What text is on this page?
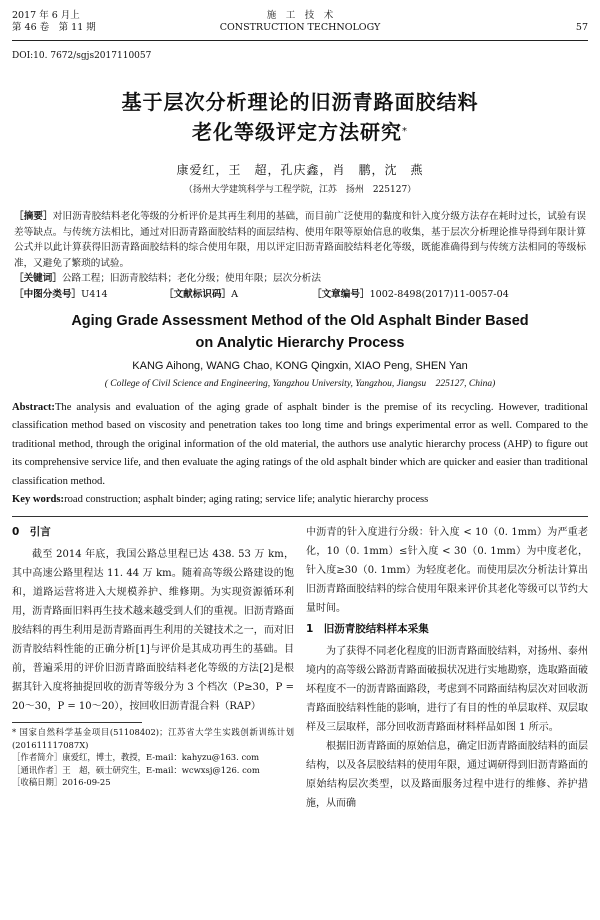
2017 年 6 月上
第 46 卷　第 11 期
施　工　技　术
CONSTRUCTION TECHNOLOGY	57
DOI:10. 7672/sgjs2017110057
基于层次分析理论的旧沥青路面胶结料
老化等级评定方法研究*
康爱红，王　超，孔庆鑫，肖　鹏，沈　燕
（扬州大学建筑科学与工程学院，江苏　扬州　225127）
［摘要］对旧沥青胶结料老化等级的分析评价是其再生利用的基础，而目前广泛使用的黏度和针入度分级方法存在耗时过长，试验有误差等缺点。与传统方法相比，通过对旧沥青路面胶结料的面层结构、使用年限等原始信息的收集，基于层次分析理论推导得到年限计算公式并以此计算获得旧沥青路面胶结料的综合使用年限，用以评定旧沥青路面胶结料老化等级，既能准确得到与传统方法相同的等级标准，又避免了繁琐的试验。
［关键词］公路工程；旧沥青胶结料；老化分级；使用年限；层次分析法
［中图分类号］U414	［文献标识码］A	［文章编号］1002-8498(2017)11-0057-04
Aging Grade Assessment Method of the Old Asphalt Binder Based
on Analytic Hierarchy Process
KANG Aihong, WANG Chao, KONG Qingxin, XIAO Peng, SHEN Yan
( College of Civil Science and Engineering, Yangzhou University, Yangzhou, Jiangsu　225127, China)
Abstract:The analysis and evaluation of the aging grade of asphalt binder is the premise of its recycling. However, traditional classification method based on viscosity and penetration takes too long time and brings experimental error as well. Compared to the traditional method, through the original information of the old material, the authors use analytic hierarchy process (AHP) to figure out its comprehensive service life, and then evaluate the aging ratings of the old asphalt binder which are quicker and easier than traditional classification method.
Key words:road construction; asphalt binder; aging rating; service life; analytic hierarchy process
0　引言

截至 2014 年底，我国公路总里程已达 438. 53 万 km，其中高速公路里程达 11. 44 万 km。随着高等级公路建设的饱和，道路运营将进入大规模养护、维修期。为实现资源循环利用，沥青路面旧料再生技术越来越受到人们的重视。旧沥青路面胶结料的再生利用是沥青路面再生利用的关键技术之一，而对旧沥青胶结料性能的正确分析[1]与评价是其成功再生的基础。目前，普遍采用的评价旧沥青路面胶结料老化等级的方法[2]是根据其针入度将抽提回收的沥青等级分为 3 个档次（P≥30，P = 20～30，P = 10～20），按回收旧沥青混合料（RAP）

* 国家自然科学基金项目(51108402)；江苏省大学生实践创新训练计划(201611117087X)
［作者简介］康爱红，博士，教授，E-mail：kahyzu@163. com
［通讯作者］王　超，硕士研究生，E-mail：wcwxsj@126. com
［收稿日期］2016-09-25
中沥青的针入度进行分级：针入度 < 10（0. 1mm）为严重老化，10（0. 1mm）≤针入度 < 30（0. 1mm）为中度老化，针入度≥30（0. 1mm）为轻度老化。而使用层次分析法计算出旧沥青路面胶结料的综合使用年限来评价其老化等级可以节约大量时间。
1　旧沥青胶结料样本采集

为了获得不同老化程度的旧沥青路面胶结料，对扬州、泰州境内的高等级公路沥青路面破损状况进行实地勘察，选取路面破坏程度不一的沥青路面路段，考虑到不同路面结构层次对回收沥青路面胶结料性能的影响，进行了有目的性的单层取样、双层取样及三层取样，部分回收沥青路面材料样品如图 1 所示。

根据旧沥青路面的原始信息，确定旧沥青路面胶结料的面层结构，以及各层胶结料的使用年限，通过调研得到旧沥青路面的原始结构层次类型，以及路面服务过程中进行的维修、养护措施，从而确
